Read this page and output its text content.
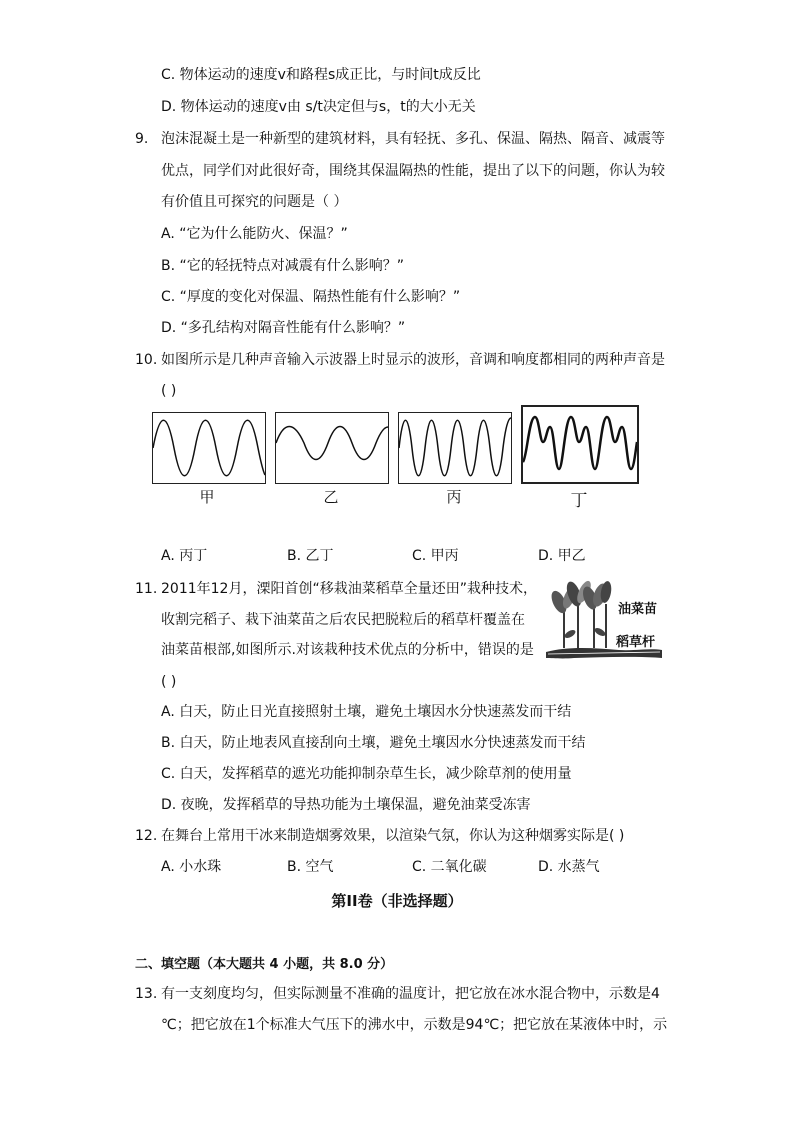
C. 物体运动的速度v和路程s成正比，与时间t成反比
D. 物体运动的速度v由 s/t决定但与s，t的大小无关
9. 泡沫混凝土是一种新型的建筑材料，具有轻抚、多孔、保温、隔热、隔音、减震等
优点，同学们对此很好奇，围绕其保温隔热的性能，提出了以下的问题，你认为较
有价值且可探究的问题是（ ）
A. “它为什么能防火、保温？”
B. “它的轻抚特点对减震有什么影响？”
C. “厚度的变化对保温、隔热性能有什么影响？”
D. “多孔结构对隔音性能有什么影响？”
10. 如图所示是几种声音输入示波器上时显示的波形，音调和响度都相同的两种声音是
( )
甲	乙	丙	丁
A. 丙丁	B. 乙丁	C. 甲丙	D. 甲乙
11. 2011年12月，溧阳首创“移栽油菜稻草全量还田”栽种技术，
收割完稻子、栽下油菜苗之后农民把脱粒后的稻草杆覆盖在
油菜苗根部,如图所示.对该栽种技术优点的分析中，错误的是
( )
油菜苗
稻草杆
A. 白天，防止日光直接照射土壤，避免土壤因水分快速蒸发而干结
B. 白天，防止地表风直接刮向土壤，避免土壤因水分快速蒸发而干结
C. 白天，发挥稻草的遮光功能抑制杂草生长，减少除草剂的使用量
D. 夜晚，发挥稻草的导热功能为土壤保温，避免油菜受冻害
12. 在舞台上常用干冰来制造烟雾效果，以渲染气氛，你认为这种烟雾实际是( )
A. 小水珠	B. 空气	C. 二氧化碳	D. 水蒸气
第II卷（非选择题）
二、填空题（本大题共 4 小题，共 8.0 分）
13. 有一支刻度均匀，但实际测量不准确的温度计，把它放在冰水混合物中，示数是4
℃；把它放在1个标准大气压下的沸水中，示数是94℃；把它放在某液体中时，示
